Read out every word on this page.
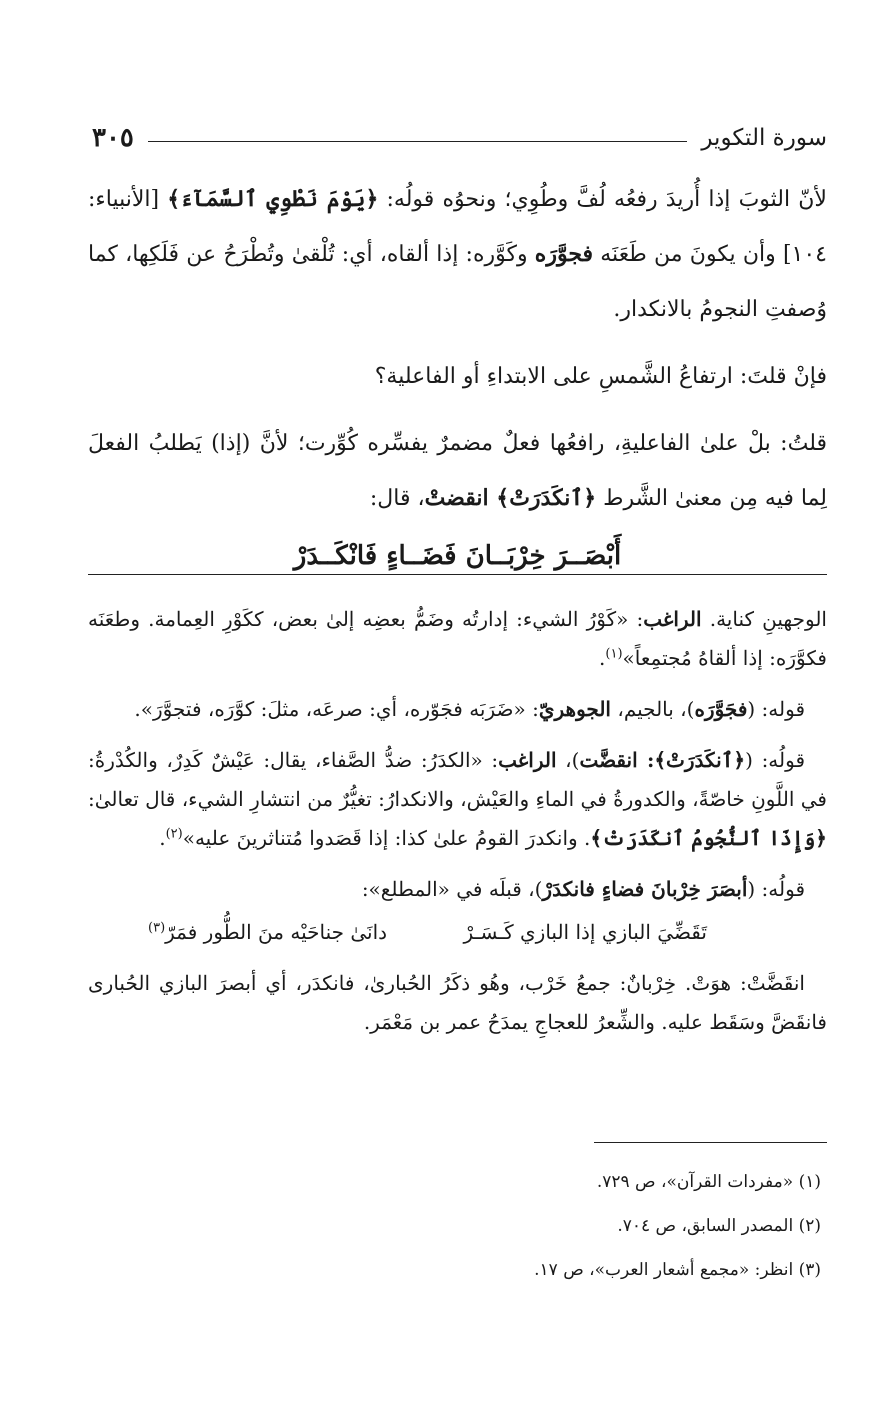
سورة التكوير
٣٠٥

لأنّ الثوبَ إذا أُريدَ رفعُه لُفَّ وطُوِي؛ ونحوُه قولُه: ﴿يَوْمَ نَطْوِي ٱلسَّمَآءَ﴾ [الأنبياء: ١٠٤] وأن يكونَ من طَعَنَه فجوَّرَه وكَوَّره: إذا ألقاه، أي: تُلْقىٰ وتُطْرَحُ عن فَلَكِها، كما وُصفتِ النجومُ بالانكدار.

فإنْ قلتَ: ارتفاعُ الشَّمسِ على الابتداءِ أو الفاعلية؟

قلتُ: بلْ علىٰ الفاعليةِ، رافعُها فعلٌ مضمرٌ يفسِّره كُوِّرت؛ لأنَّ (إذا) يَطلبُ الفعلَ لِما فيه مِن معنىٰ الشَّرط ﴿ٱنكَدَرَتْ﴾ انقضتْ، قال:

أَبْصَــرَ خِرْبَــانَ فَضَــاءٍ فَانْكَــدَرْ

الوجهينِ كناية. الراغب: «كَوْرُ الشيء: إدارتُه وضَمُّ بعضِه إلىٰ بعض، ككَوْرِ العِمامة. وطعَنَه فكوَّرَه: إذا ألقاهُ مُجتمِعاً»$^{(١)}$.

قوله: (فجَوَّرَه)، بالجيم، الجوهريّ: «ضَرَبَه فجَوّره، أي: صرعَه، مثلَ: كوَّرَه، فتجوَّرَ».

قولُه: (﴿ٱنكَدَرَتْ﴾: انقضَّت)، الراغب: «الكدَرُ: ضدُّ الصَّفاء، يقال: عَيْشٌ كَدِرٌ، والكُدْرةُ: في اللَّونِ خاصّةً، والكدورةُ في الماءِ والعَيْش، والانكدارُ: تغيُّرٌ من انتشارِ الشيء، قال تعالىٰ: ﴿وَإِذَا ٱلنُّجُومُ ٱنكَدَرَتْ﴾. وانكدرَ القومُ علىٰ كذا: إذا قَصَدوا مُتناثرينَ عليه»$^{(٢)}$.

قولُه: (أبصَرَ خِرْبانَ فضاءٍ فانكدَرْ)، قبلَه في «المطلع»:

تَقَضِّيَ البازي إذا البازي كَـسَـرْ
دانَىٰ جناحَيْه منَ الطُّور فمَرّ$^{(٣)}$

انقَضَّتْ: هوَتْ. خِرْبانٌ: جمعُ خَرْب، وهُو ذكَرُ الحُبارىٰ، فانكدَر، أي أبصرَ البازي الحُبارى فانقَضَّ وسَقَط عليه. والشِّعرُ للعجاجِ يمدَحُ عمر بن مَعْمَر.

(١) «مفردات القرآن»، ص ٧٢٩.
(٢) المصدر السابق، ص ٧٠٤.
(٣) انظر: «مجمع أشعار العرب»، ص ١٧.
